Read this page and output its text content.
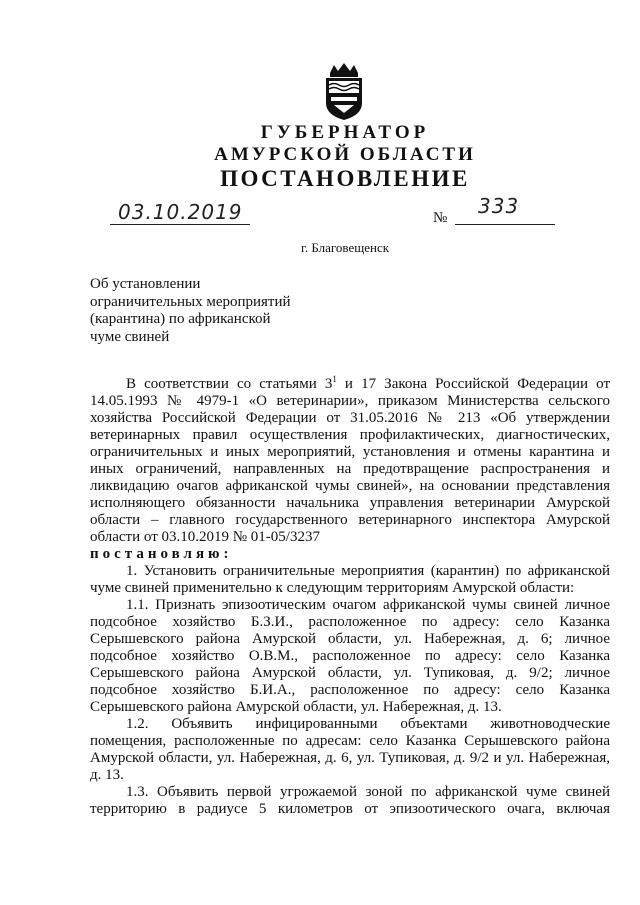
ГУБЕРНАТОР
АМУРСКОЙ ОБЛАСТИ
ПОСТАНОВЛЕНИЕ
03.10.2019	№ 333
г. Благовещенск
Об установлении
ограничительных мероприятий
(карантина) по африканской
чуме свиней

В соответствии со статьями $3^1$ и 17 Закона Российской Федерации от 14.05.1993 № 4979-1 «О ветеринарии», приказом Министерства сельского хозяйства Российской Федерации от 31.05.2016 № 213 «Об утверждении ветеринарных правил осуществления профилактических, диагностических, ограничительных и иных мероприятий, установления и отмены карантина и иных ограничений, направленных на предотвращение распространения и ликвидацию очагов африканской чумы свиней», на основании представления исполняющего обязанности начальника управления ветеринарии Амурской области – главного государственного ветеринарного инспектора Амурской области от 03.10.2019 № 01-05/3237

постановляю:

1. Установить ограничительные мероприятия (карантин) по африканской чуме свиней применительно к следующим территориям Амурской области:

1.1. Признать эпизоотическим очагом африканской чумы свиней личное подсобное хозяйство Б.З.И., расположенное по адресу: село Казанка Серышевского района Амурской области, ул. Набережная, д. 6; личное подсобное хозяйство О.В.М., расположенное по адресу: село Казанка Серышевского района Амурской области, ул. Тупиковая, д. 9/2; личное подсобное хозяйство Б.И.А., расположенное по адресу: село Казанка Серышевского района Амурской области, ул. Набережная, д. 13.

1.2. Объявить инфицированными объектами животноводческие помещения, расположенные по адресам: село Казанка Серышевского района Амурской области, ул. Набережная, д. 6, ул. Тупиковая, д. 9/2 и ул. Набережная, д. 13.

1.3. Объявить первой угрожаемой зоной по африканской чуме свиней территорию в радиусе 5 километров от эпизоотического очага, включая
